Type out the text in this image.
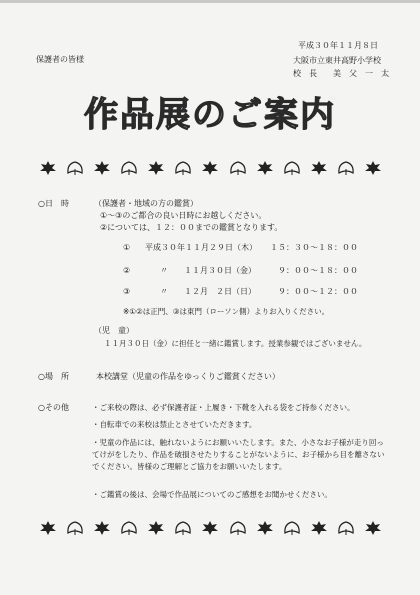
平成３０年１１月８日
保護者の皆様	大阪市立東井高野小学校
校　長　　美　父　一　太
作品展のご案内
○日　時	（保護者・地域の方の鑑賞）
①～③のご都合の良い日時にお越しください。
②については、１２：００までの鑑賞となります。
① 平成３０年１１月２９日（木） １５：３０～１８：００
②	〃　　１１月３０日（金）	９：００～１８：００
③	〃　　１２月　２日（日）	９：００～１２：００
※①②は正門、③は東門（ローソン側）よりお入りください。
（児　童）
１１月３０日（金）に担任と一緒に鑑賞します。授業参観ではございません。
○場　所	本校講堂（児童の作品をゆっくりご鑑賞ください）
○その他	・ご来校の際は、必ず保護者証・上履き・下靴を入れる袋をご持参ください。
・自転車での来校は禁止とさせていただきます。
・児童の作品には、触れないようにお願いいたします。また、小さなお子様が走り回ってけがをしたり、作品を破損させたりすることがないように、お子様から目を離さないでください。皆様のご理解とご協力をお願いいたします。
・ご鑑賞の後は、会場で作品展についてのご感想をお聞かせください。
